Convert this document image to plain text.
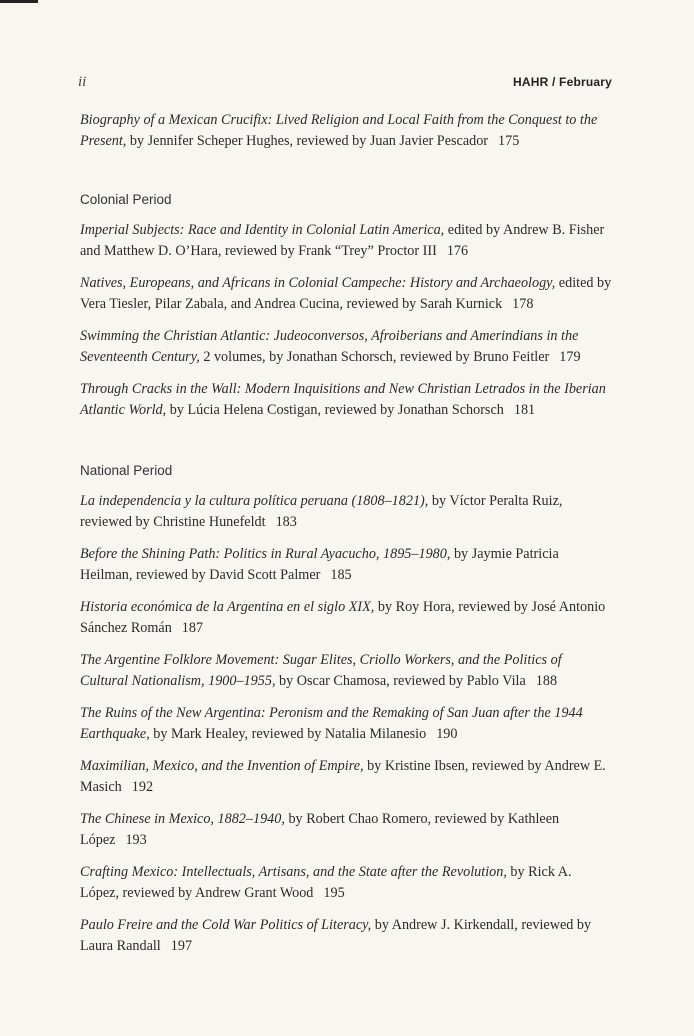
ii	HAHR / February

Biography of a Mexican Crucifix: Lived Religion and Local Faith from the Conquest to the Present, by Jennifer Scheper Hughes, reviewed by Juan Javier Pescador 175

Colonial Period

Imperial Subjects: Race and Identity in Colonial Latin America, edited by Andrew B. Fisher and Matthew D. O’Hara, reviewed by Frank “Trey” Proctor III 176

Natives, Europeans, and Africans in Colonial Campeche: History and Archaeology, edited by Vera Tiesler, Pilar Zabala, and Andrea Cucina, reviewed by Sarah Kurnick 178

Swimming the Christian Atlantic: Judeoconversos, Afroiberians and Amerindians in the Seventeenth Century, 2 volumes, by Jonathan Schorsch, reviewed by Bruno Feitler 179

Through Cracks in the Wall: Modern Inquisitions and New Christian Letrados in the Iberian Atlantic World, by Lúcia Helena Costigan, reviewed by Jonathan Schorsch 181

National Period

La independencia y la cultura política peruana (1808–1821), by Víctor Peralta Ruiz, reviewed by Christine Hunefeldt 183

Before the Shining Path: Politics in Rural Ayacucho, 1895–1980, by Jaymie Patricia Heilman, reviewed by David Scott Palmer 185

Historia económica de la Argentina en el siglo XIX, by Roy Hora, reviewed by José Antonio Sánchez Román 187

The Argentine Folklore Movement: Sugar Elites, Criollo Workers, and the Politics of Cultural Nationalism, 1900–1955, by Oscar Chamosa, reviewed by Pablo Vila 188

The Ruins of the New Argentina: Peronism and the Remaking of San Juan after the 1944 Earthquake, by Mark Healey, reviewed by Natalia Milanesio 190

Maximilian, Mexico, and the Invention of Empire, by Kristine Ibsen, reviewed by Andrew E. Masich 192

The Chinese in Mexico, 1882–1940, by Robert Chao Romero, reviewed by Kathleen López 193

Crafting Mexico: Intellectuals, Artisans, and the State after the Revolution, by Rick A. López, reviewed by Andrew Grant Wood 195

Paulo Freire and the Cold War Politics of Literacy, by Andrew J. Kirkendall, reviewed by Laura Randall 197
